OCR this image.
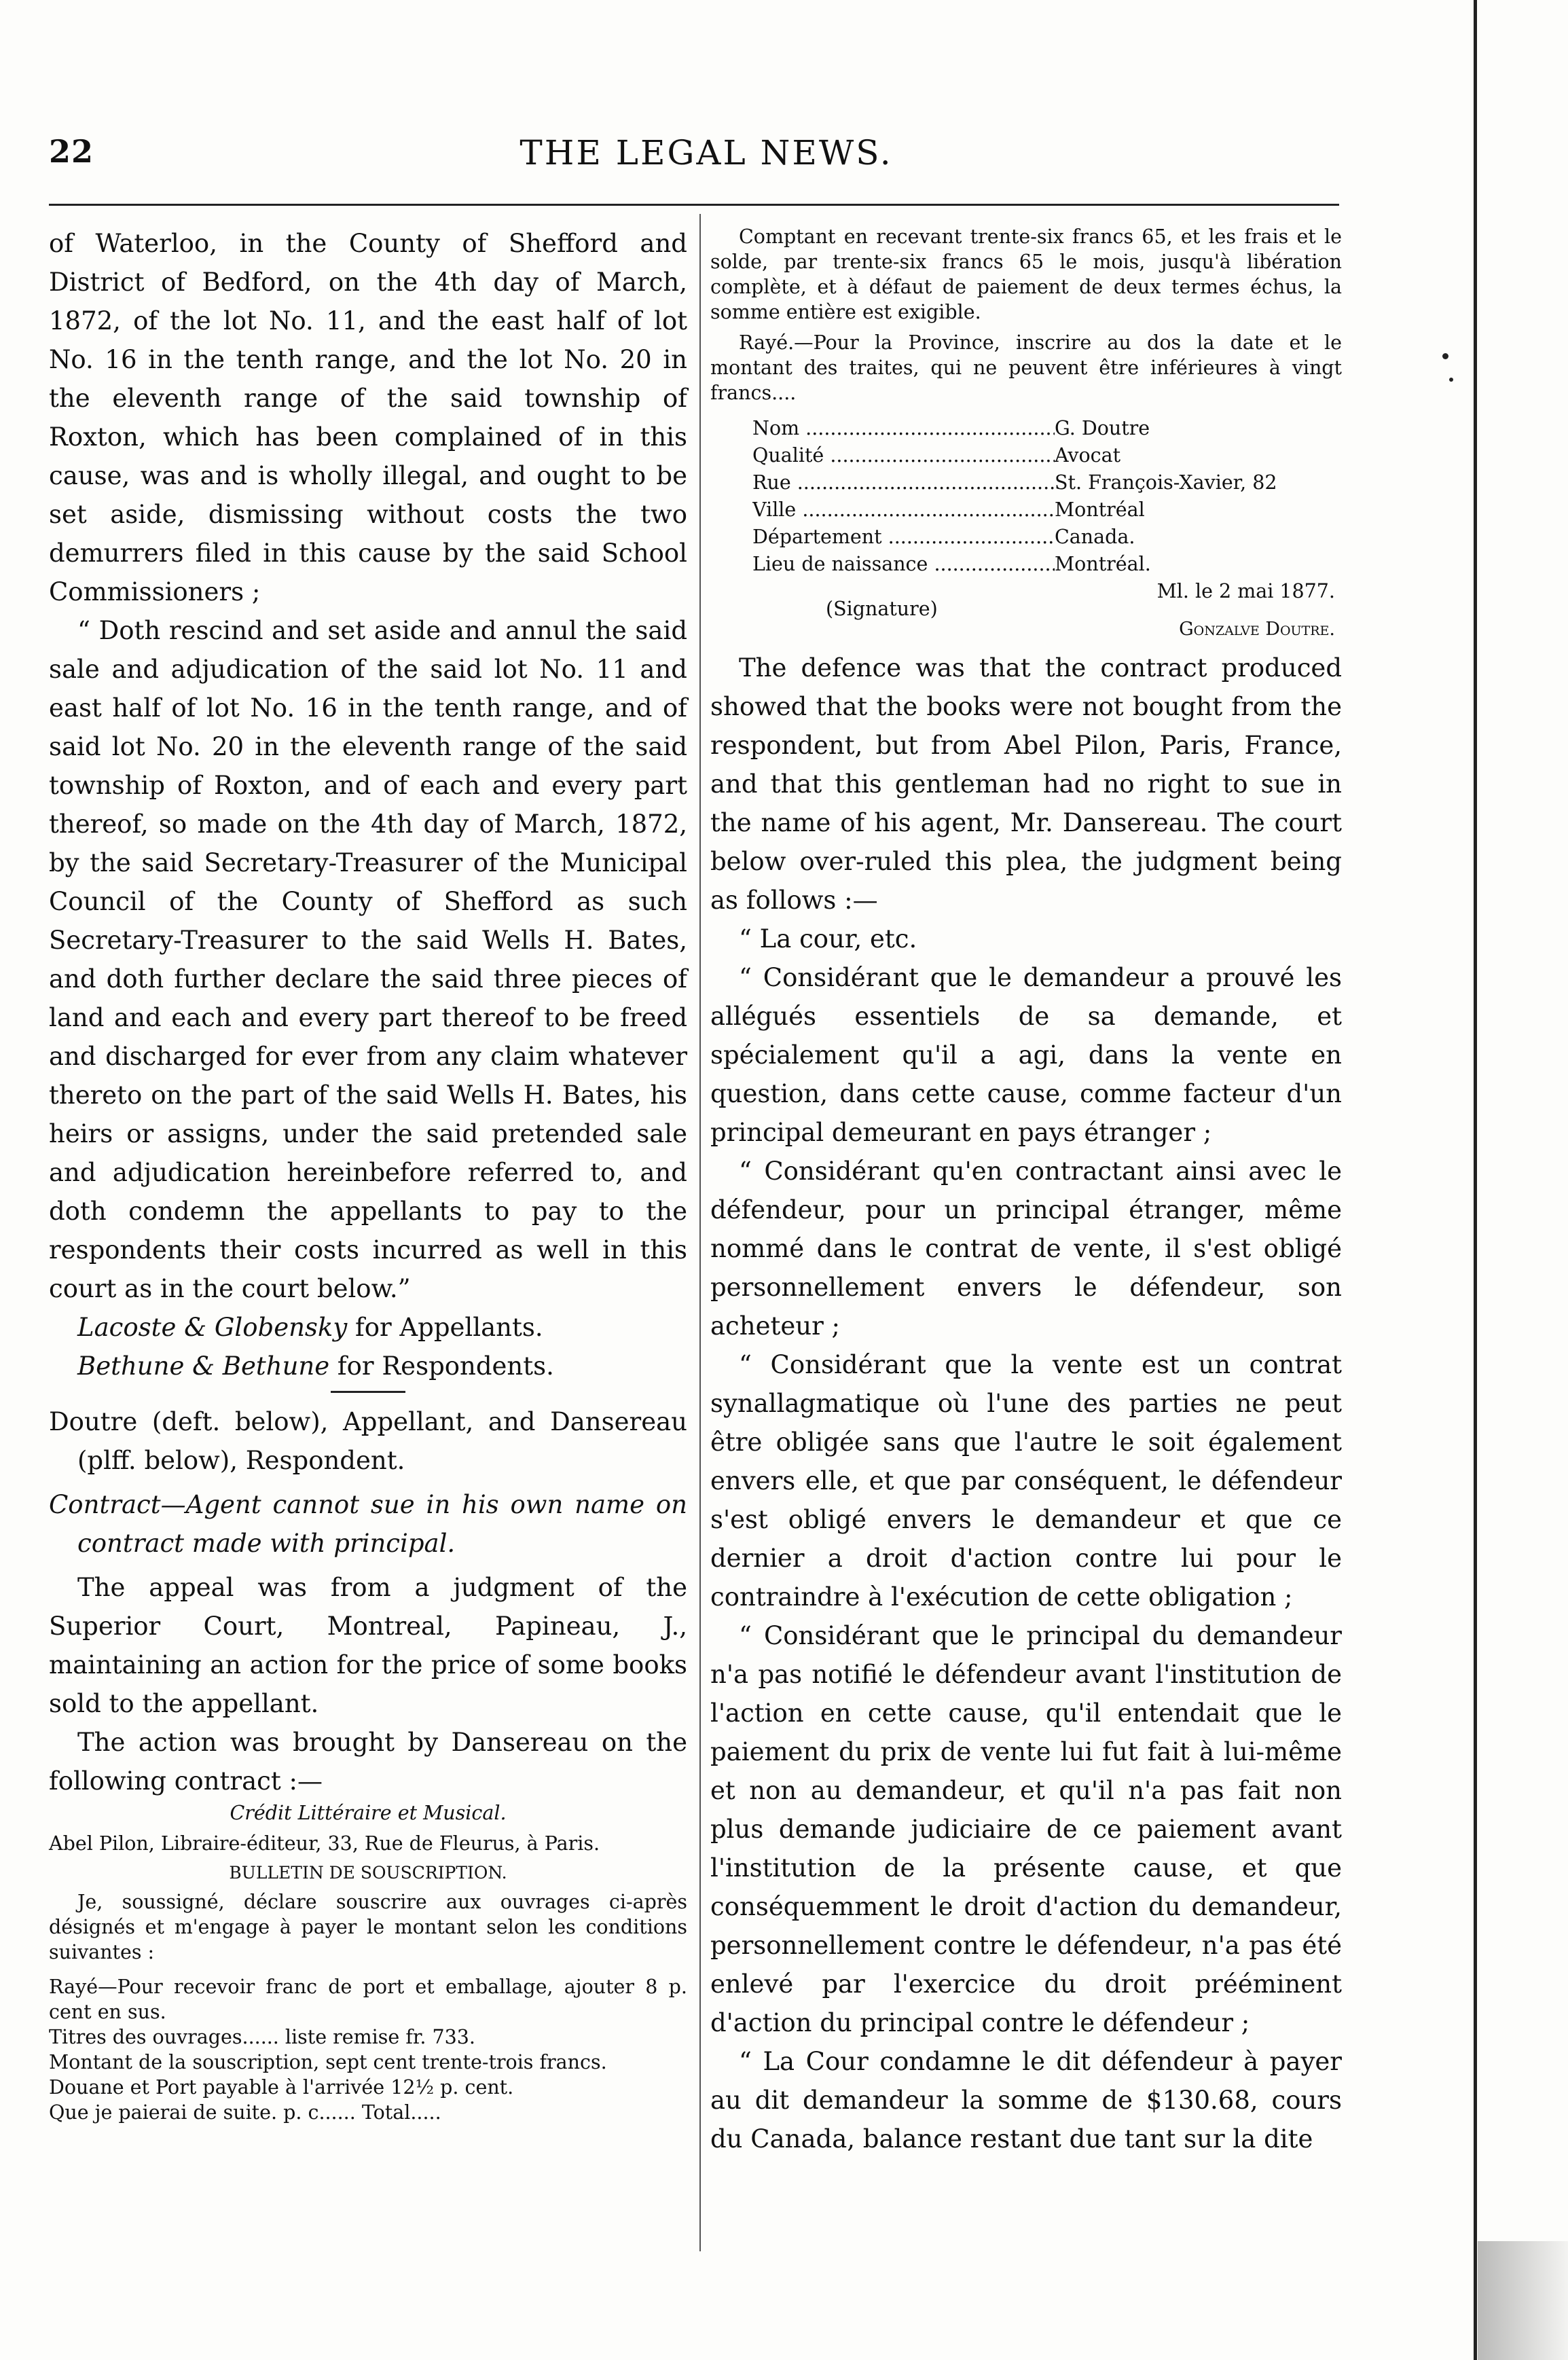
22	THE LEGAL NEWS.

of Waterloo, in the County of Shefford and District of Bedford, on the 4th day of March, 1872, of the lot No. 11, and the east half of lot No. 16 in the tenth range, and the lot No. 20 in the eleventh range of the said township of Roxton, which has been complained of in this cause, was and is wholly illegal, and ought to be set aside, dismissing without costs the two demurrers filed in this cause by the said School Commissioners ;

“ Doth rescind and set aside and annul the said sale and adjudication of the said lot No. 11 and east half of lot No. 16 in the tenth range, and of said lot No. 20 in the eleventh range of the said township of Roxton, and of each and every part thereof, so made on the 4th day of March, 1872, by the said Secretary-Treasurer of the Municipal Council of the County of Shefford as such Secretary-Treasurer to the said Wells H. Bates, and doth further declare the said three pieces of land and each and every part thereof to be freed and discharged for ever from any claim whatever thereto on the part of the said Wells H. Bates, his heirs or assigns, under the said pretended sale and adjudication hereinbefore referred to, and doth condemn the appellants to pay to the respondents their costs incurred as well in this court as in the court below.”

Lacoste & Globensky for Appellants.

Bethune & Bethune for Respondents.

Doutre (deft. below), Appellant, and Dansereau (plff. below), Respondent.

Contract—Agent cannot sue in his own name on contract made with principal.

The appeal was from a judgment of the Superior Court, Montreal, Papineau, J., maintaining an action for the price of some books sold to the appellant.

The action was brought by Dansereau on the following contract :—

Crédit Littéraire et Musical.

Abel Pilon, Libraire-éditeur, 33, Rue de Fleurus, à Paris.

BULLETIN DE SOUSCRIPTION.

Je, soussigné, déclare souscrire aux ouvrages ci-après désignés et m'engage à payer le montant selon les conditions suivantes :

Rayé—Pour recevoir franc de port et emballage, ajouter 8 p. cent en sus.

Titres des ouvrages...... liste remise fr. 733.

Montant de la souscription, sept cent trente-trois francs.

Douane et Port payable à l'arrivée 12½ p. cent.

Que je paierai de suite. p. c...... Total.....

Comptant en recevant trente-six francs 65, et les frais et le solde, par trente-six francs 65 le mois, jusqu'à libération complète, et à défaut de paiement de deux termes échus, la somme entière est exigible.

Rayé.—Pour la Province, inscrire au dos la date et le montant des traites, qui ne peuvent être inférieures à vingt francs....

Nom .....	G. Doutre
Qualité .....	Avocat
Rue .....	St. François-Xavier, 82
Ville .....	Montréal
Département .....	Canada.
Lieu de naissance .....	Montréal.
Ml. le 2 mai 1877.
(Signature)
Gonzalve Doutre.

The defence was that the contract produced showed that the books were not bought from the respondent, but from Abel Pilon, Paris, France, and that this gentleman had no right to sue in the name of his agent, Mr. Dansereau. The court below over-ruled this plea, the judgment being as follows :—

“ La cour, etc.

“ Considérant que le demandeur a prouvé les allégués essentiels de sa demande, et spécialement qu'il a agi, dans la vente en question, dans cette cause, comme facteur d'un principal demeurant en pays étranger ;

“ Considérant qu'en contractant ainsi avec le défendeur, pour un principal étranger, même nommé dans le contrat de vente, il s'est obligé personnellement envers le défendeur, son acheteur ;

“ Considérant que la vente est un contrat synallagmatique où l'une des parties ne peut être obligée sans que l'autre le soit également envers elle, et que par conséquent, le défendeur s'est obligé envers le demandeur et que ce dernier a droit d'action contre lui pour le contraindre à l'exécution de cette obligation ;

“ Considérant que le principal du demandeur n'a pas notifié le défendeur avant l'institution de l'action en cette cause, qu'il entendait que le paiement du prix de vente lui fut fait à lui-même et non au demandeur, et qu'il n'a pas fait non plus demande judiciaire de ce paiement avant l'institution de la présente cause, et que conséquemment le droit d'action du demandeur, personnellement contre le défendeur, n'a pas été enlevé par l'exercice du droit prééminent d'action du principal contre le défendeur ;

“ La Cour condamne le dit défendeur à payer au dit demandeur la somme de $130.68, cours du Canada, balance restant due tant sur la dite
